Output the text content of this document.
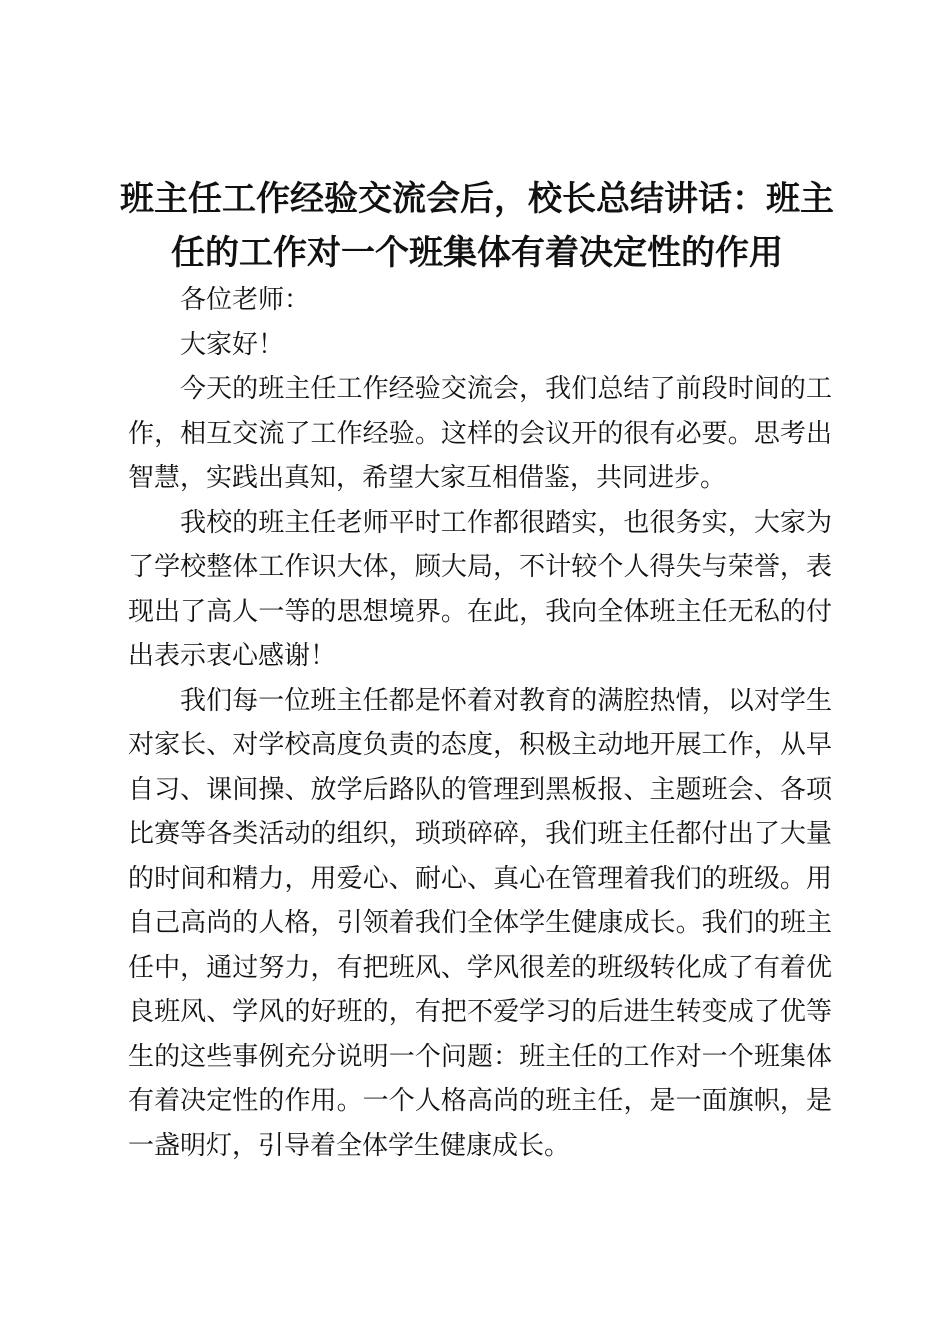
班主任工作经验交流会后，校长总结讲话：班主任的工作对一个班集体有着决定性的作用

各位老师：

大家好！

今天的班主任工作经验交流会，我们总结了前段时间的工作，相互交流了工作经验。这样的会议开的很有必要。思考出智慧，实践出真知，希望大家互相借鉴，共同进步。

我校的班主任老师平时工作都很踏实，也很务实，大家为了学校整体工作识大体，顾大局，不计较个人得失与荣誉，表现出了高人一等的思想境界。在此，我向全体班主任无私的付出表示衷心感谢！

我们每一位班主任都是怀着对教育的满腔热情，以对学生对家长、对学校高度负责的态度，积极主动地开展工作，从早自习、课间操、放学后路队的管理到黑板报、主题班会、各项比赛等各类活动的组织，琐琐碎碎，我们班主任都付出了大量的时间和精力，用爱心、耐心、真心在管理着我们的班级。用自己高尚的人格，引领着我们全体学生健康成长。我们的班主任中，通过努力，有把班风、学风很差的班级转化成了有着优良班风、学风的好班的，有把不爱学习的后进生转变成了优等生的这些事例充分说明一个问题：班主任的工作对一个班集体有着决定性的作用。一个人格高尚的班主任，是一面旗帜，是一盏明灯，引导着全体学生健康成长。
